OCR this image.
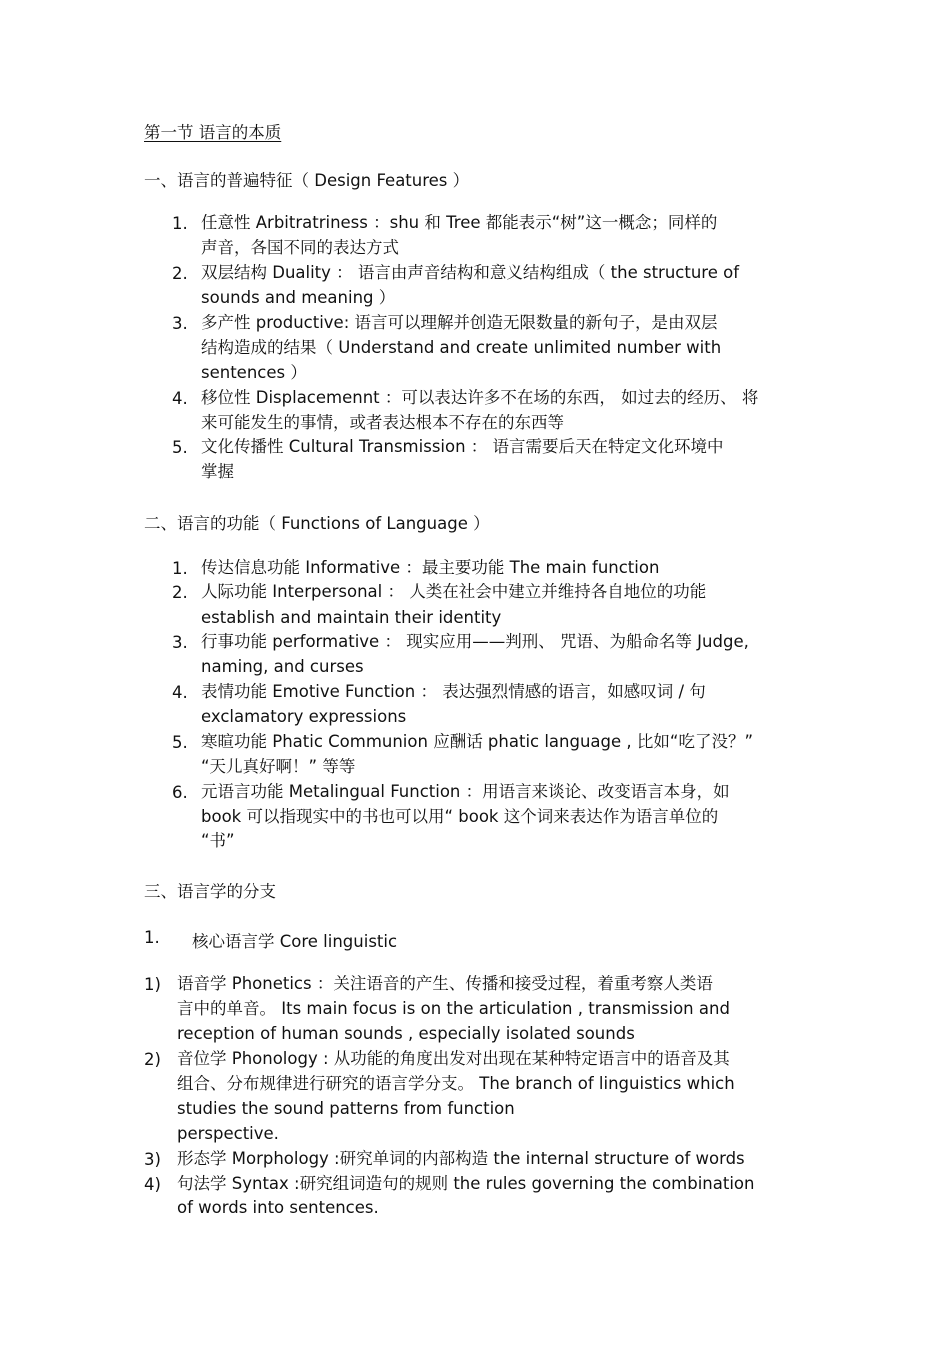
第一节 语言的本质
一、语言的普遍特征（ Design Features ）
1. 任意性 Arbitratriness ：shu 和 Tree 都能表示“树”这一概念；同样的
声音，各国不同的表达方式
2. 双层结构 Duality ： 语言由声音结构和意义结构组成（ the structure of
sounds and meaning ）
3. 多产性 productive: 语言可以理解并创造无限数量的新句子，是由双层
结构造成的结果（ Understand and create unlimited number with
sentences ）
4. 移位性 Displacemennt ：可以表达许多不在场的东西， 如过去的经历、 将
来可能发生的事情，或者表达根本不存在的东西等
5. 文化传播性 Cultural Transmission ： 语言需要后天在特定文化环境中
掌握
二、语言的功能（ Functions of Language ）
1. 传达信息功能 Informative ：最主要功能 The main function
2. 人际功能 Interpersonal ： 人类在社会中建立并维持各自地位的功能
establish and maintain their identity
3. 行事功能 performative ： 现实应用——判刑、 咒语、为船命名等 Judge,
naming, and curses
4. 表情功能 Emotive Function ： 表达强烈情感的语言，如感叹词 / 句
exclamatory expressions
5. 寒暄功能 Phatic Communion 应酬话 phatic language , 比如“吃了没？”
“天儿真好啊！” 等等
6. 元语言功能 Metalingual Function ：用语言来谈论、改变语言本身，如
book 可以指现实中的书也可以用“ book 这个词来表达作为语言单位的
“书”
三、语言学的分支
1. 核心语言学 Core linguistic
1) 语音学 Phonetics ：关注语音的产生、传播和接受过程，着重考察人类语
言中的单音。 Its main focus is on the articulation , transmission and
reception of human sounds , especially isolated sounds
2) 音位学 Phonology : 从功能的角度出发对出现在某种特定语言中的语音及其
组合、分布规律进行研究的语言学分支。 The branch of linguistics which
studies the sound patterns from function
perspective.
3) 形态学 Morphology :研究单词的内部构造 the internal structure of words
4) 句法学 Syntax :研究组词造句的规则 the rules governing the combination
of words into sentences.
